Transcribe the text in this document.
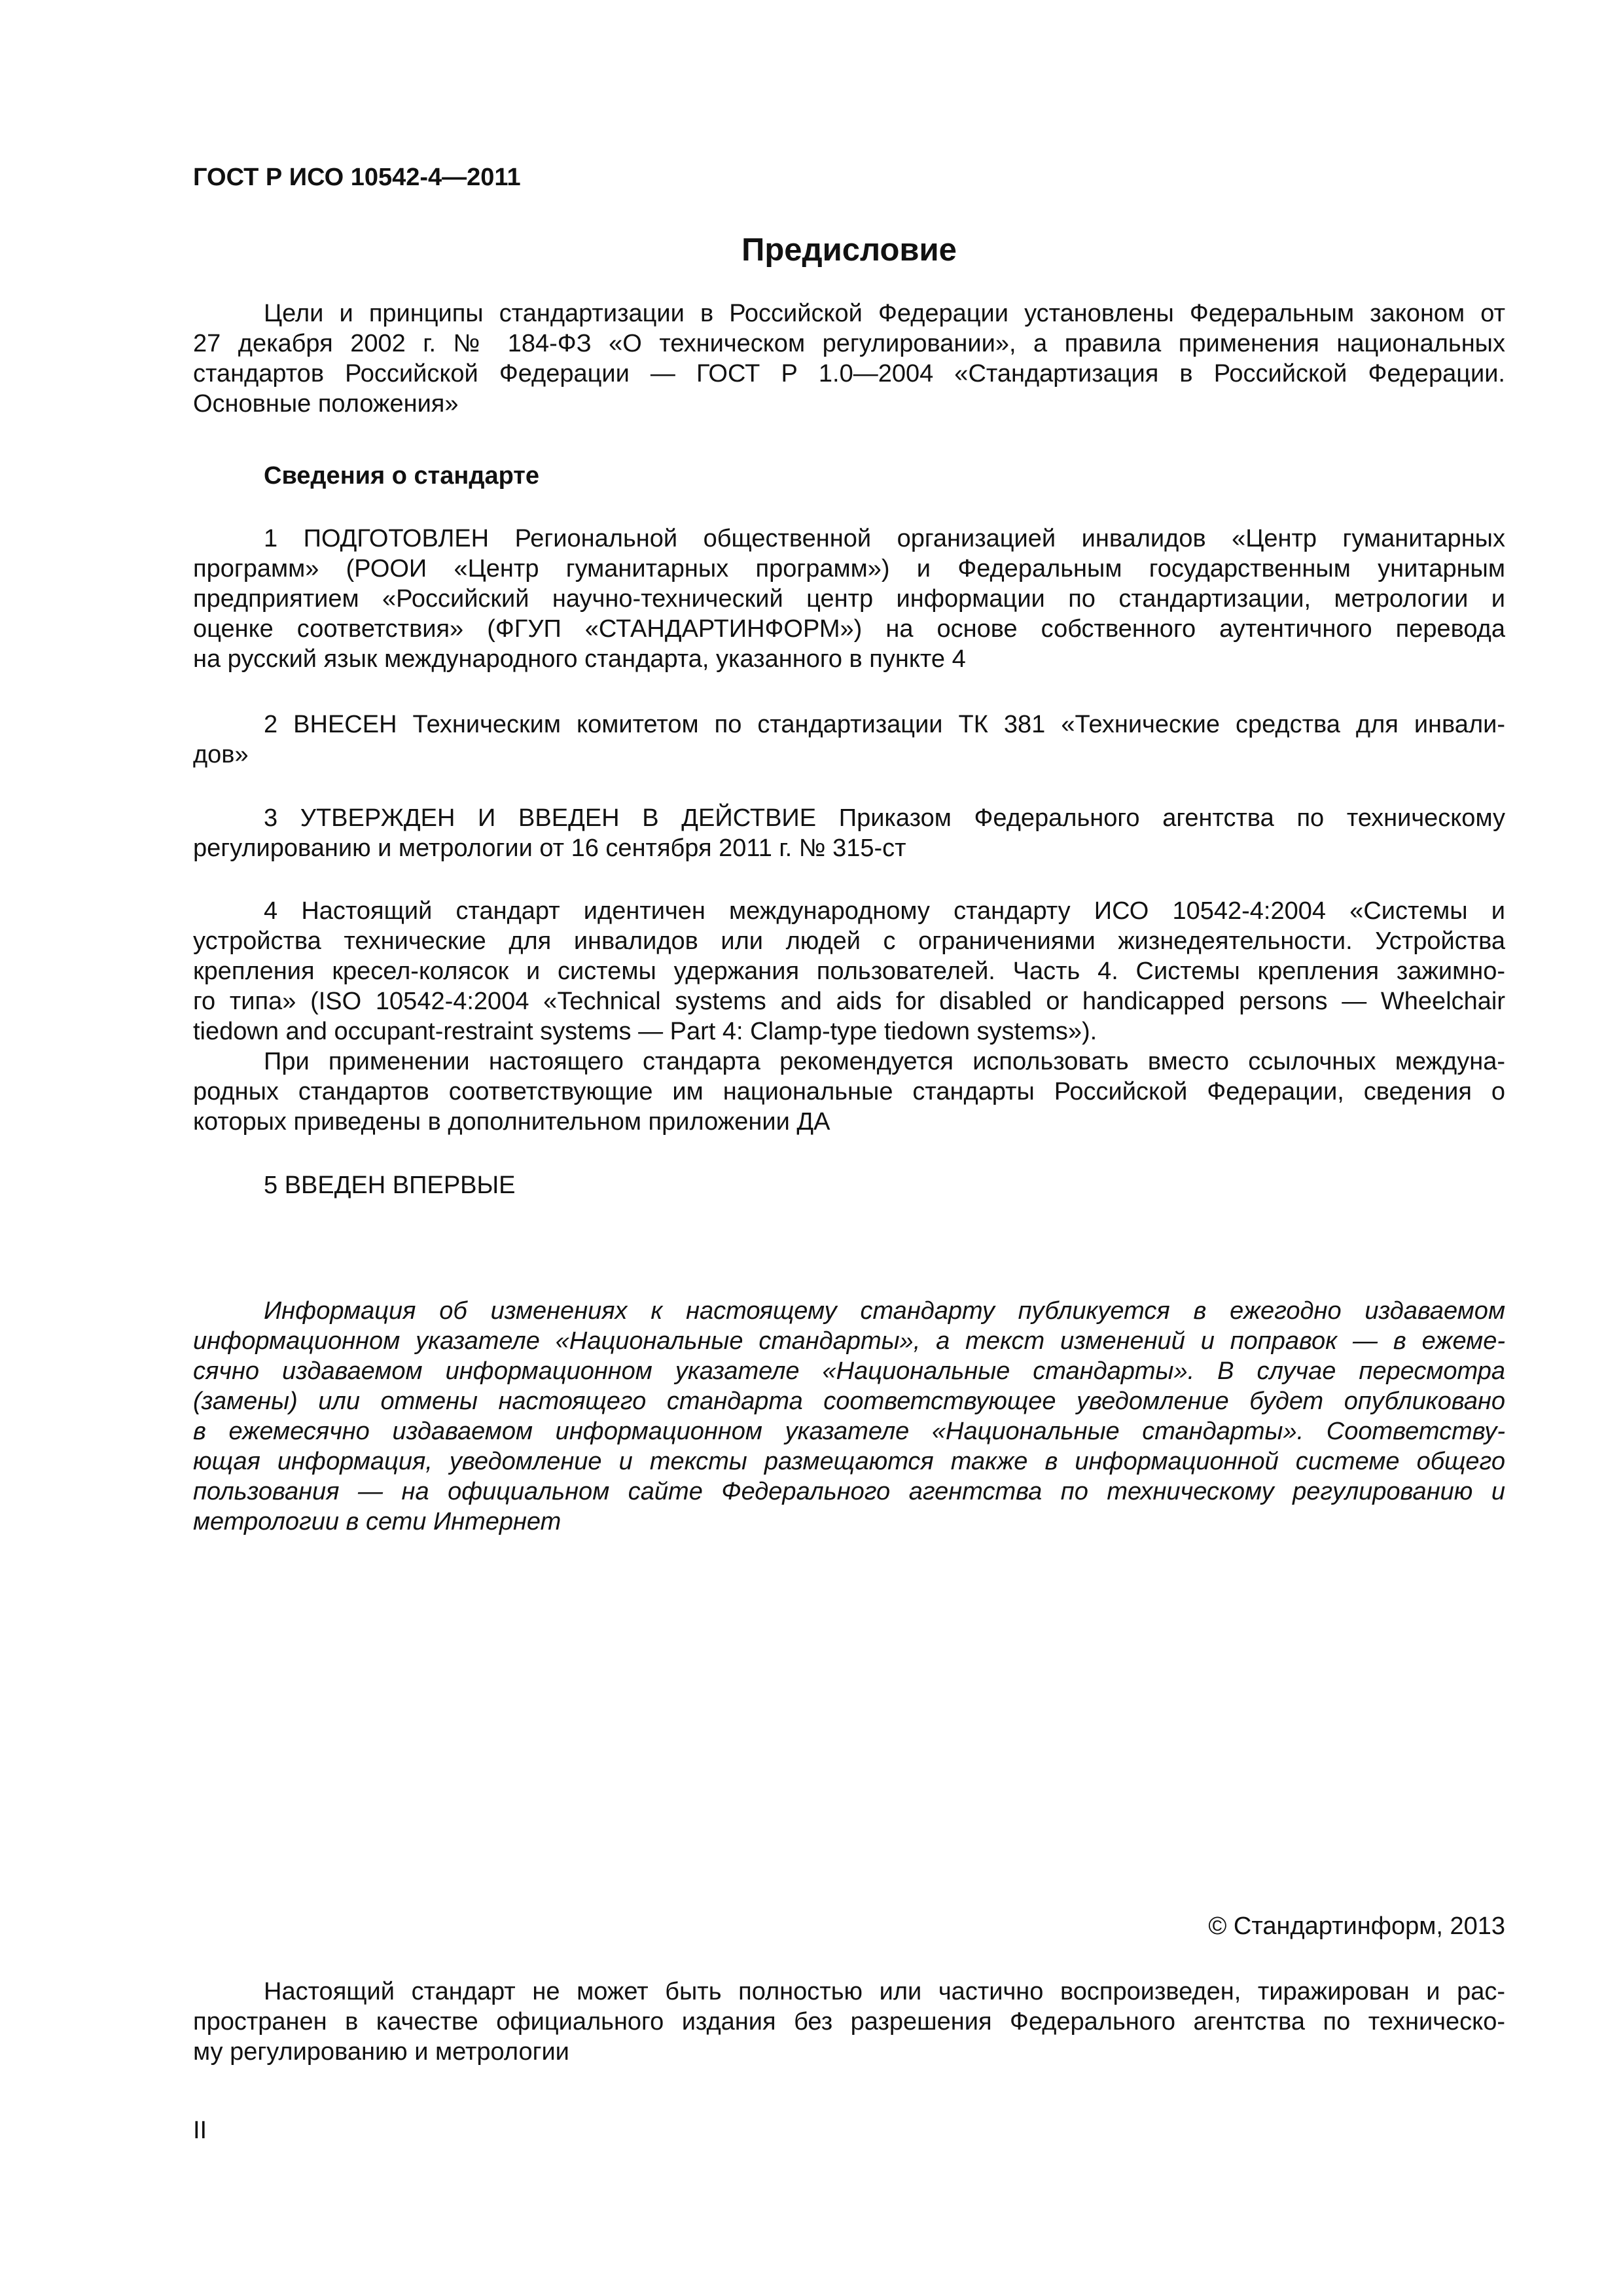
ГОСТ Р ИСО 10542-4—2011
Предисловие
Цели и принципы стандартизации в Российской Федерации установлены Федеральным законом от
27 декабря 2002 г. № 184-ФЗ «О техническом регулировании», а правила применения национальных
стандартов Российской Федерации — ГОСТ Р 1.0—2004 «Стандартизация в Российской Федерации.
Основные положения»
Сведения о стандарте
1 ПОДГОТОВЛЕН Региональной общественной организацией инвалидов «Центр гуманитарных
программ» (РООИ «Центр гуманитарных программ») и Федеральным государственным унитарным
предприятием «Российский научно-технический центр информации по стандартизации, метрологии и
оценке соответствия» (ФГУП «СТАНДАРТИНФОРМ») на основе собственного аутентичного перевода
на русский язык международного стандарта, указанного в пункте 4
2 ВНЕСЕН Техническим комитетом по стандартизации ТК 381 «Технические средства для инвали-
дов»
3 УТВЕРЖДЕН И ВВЕДЕН В ДЕЙСТВИЕ Приказом Федерального агентства по техническому
регулированию и метрологии от 16 сентября 2011 г. № 315-ст
4 Настоящий стандарт идентичен международному стандарту ИСО 10542-4:2004 «Системы и
устройства технические для инвалидов или людей с ограничениями жизнедеятельности. Устройства
крепления кресел-колясок и системы удержания пользователей. Часть 4. Системы крепления зажимно-
го типа» (ISO 10542-4:2004 «Technical systems and aids for disabled or handicapped persons — Wheelchair
tiedown and occupant-restraint systems — Part 4: Clamp-type tiedown systems»).
При применении настоящего стандарта рекомендуется использовать вместо ссылочных междуна-
родных стандартов соответствующие им национальные стандарты Российской Федерации, сведения о
которых приведены в дополнительном приложении ДА
5 ВВЕДЕН ВПЕРВЫЕ
Информация об изменениях к настоящему стандарту публикуется в ежегодно издаваемом
информационном указателе «Национальные стандарты», а текст изменений и поправок — в ежеме-
сячно издаваемом информационном указателе «Национальные стандарты». В случае пересмотра
(замены) или отмены настоящего стандарта соответствующее уведомление будет опубликовано
в ежемесячно издаваемом информационном указателе «Национальные стандарты». Соответству-
ющая информация, уведомление и тексты размещаются также в информационной системе общего
пользования — на официальном сайте Федерального агентства по техническому регулированию и
метрологии в сети Интернет
© Стандартинформ, 2013
Настоящий стандарт не может быть полностью или частично воспроизведен, тиражирован и рас-
пространен в качестве официального издания без разрешения Федерального агентства по техническо-
му регулированию и метрологии
II
